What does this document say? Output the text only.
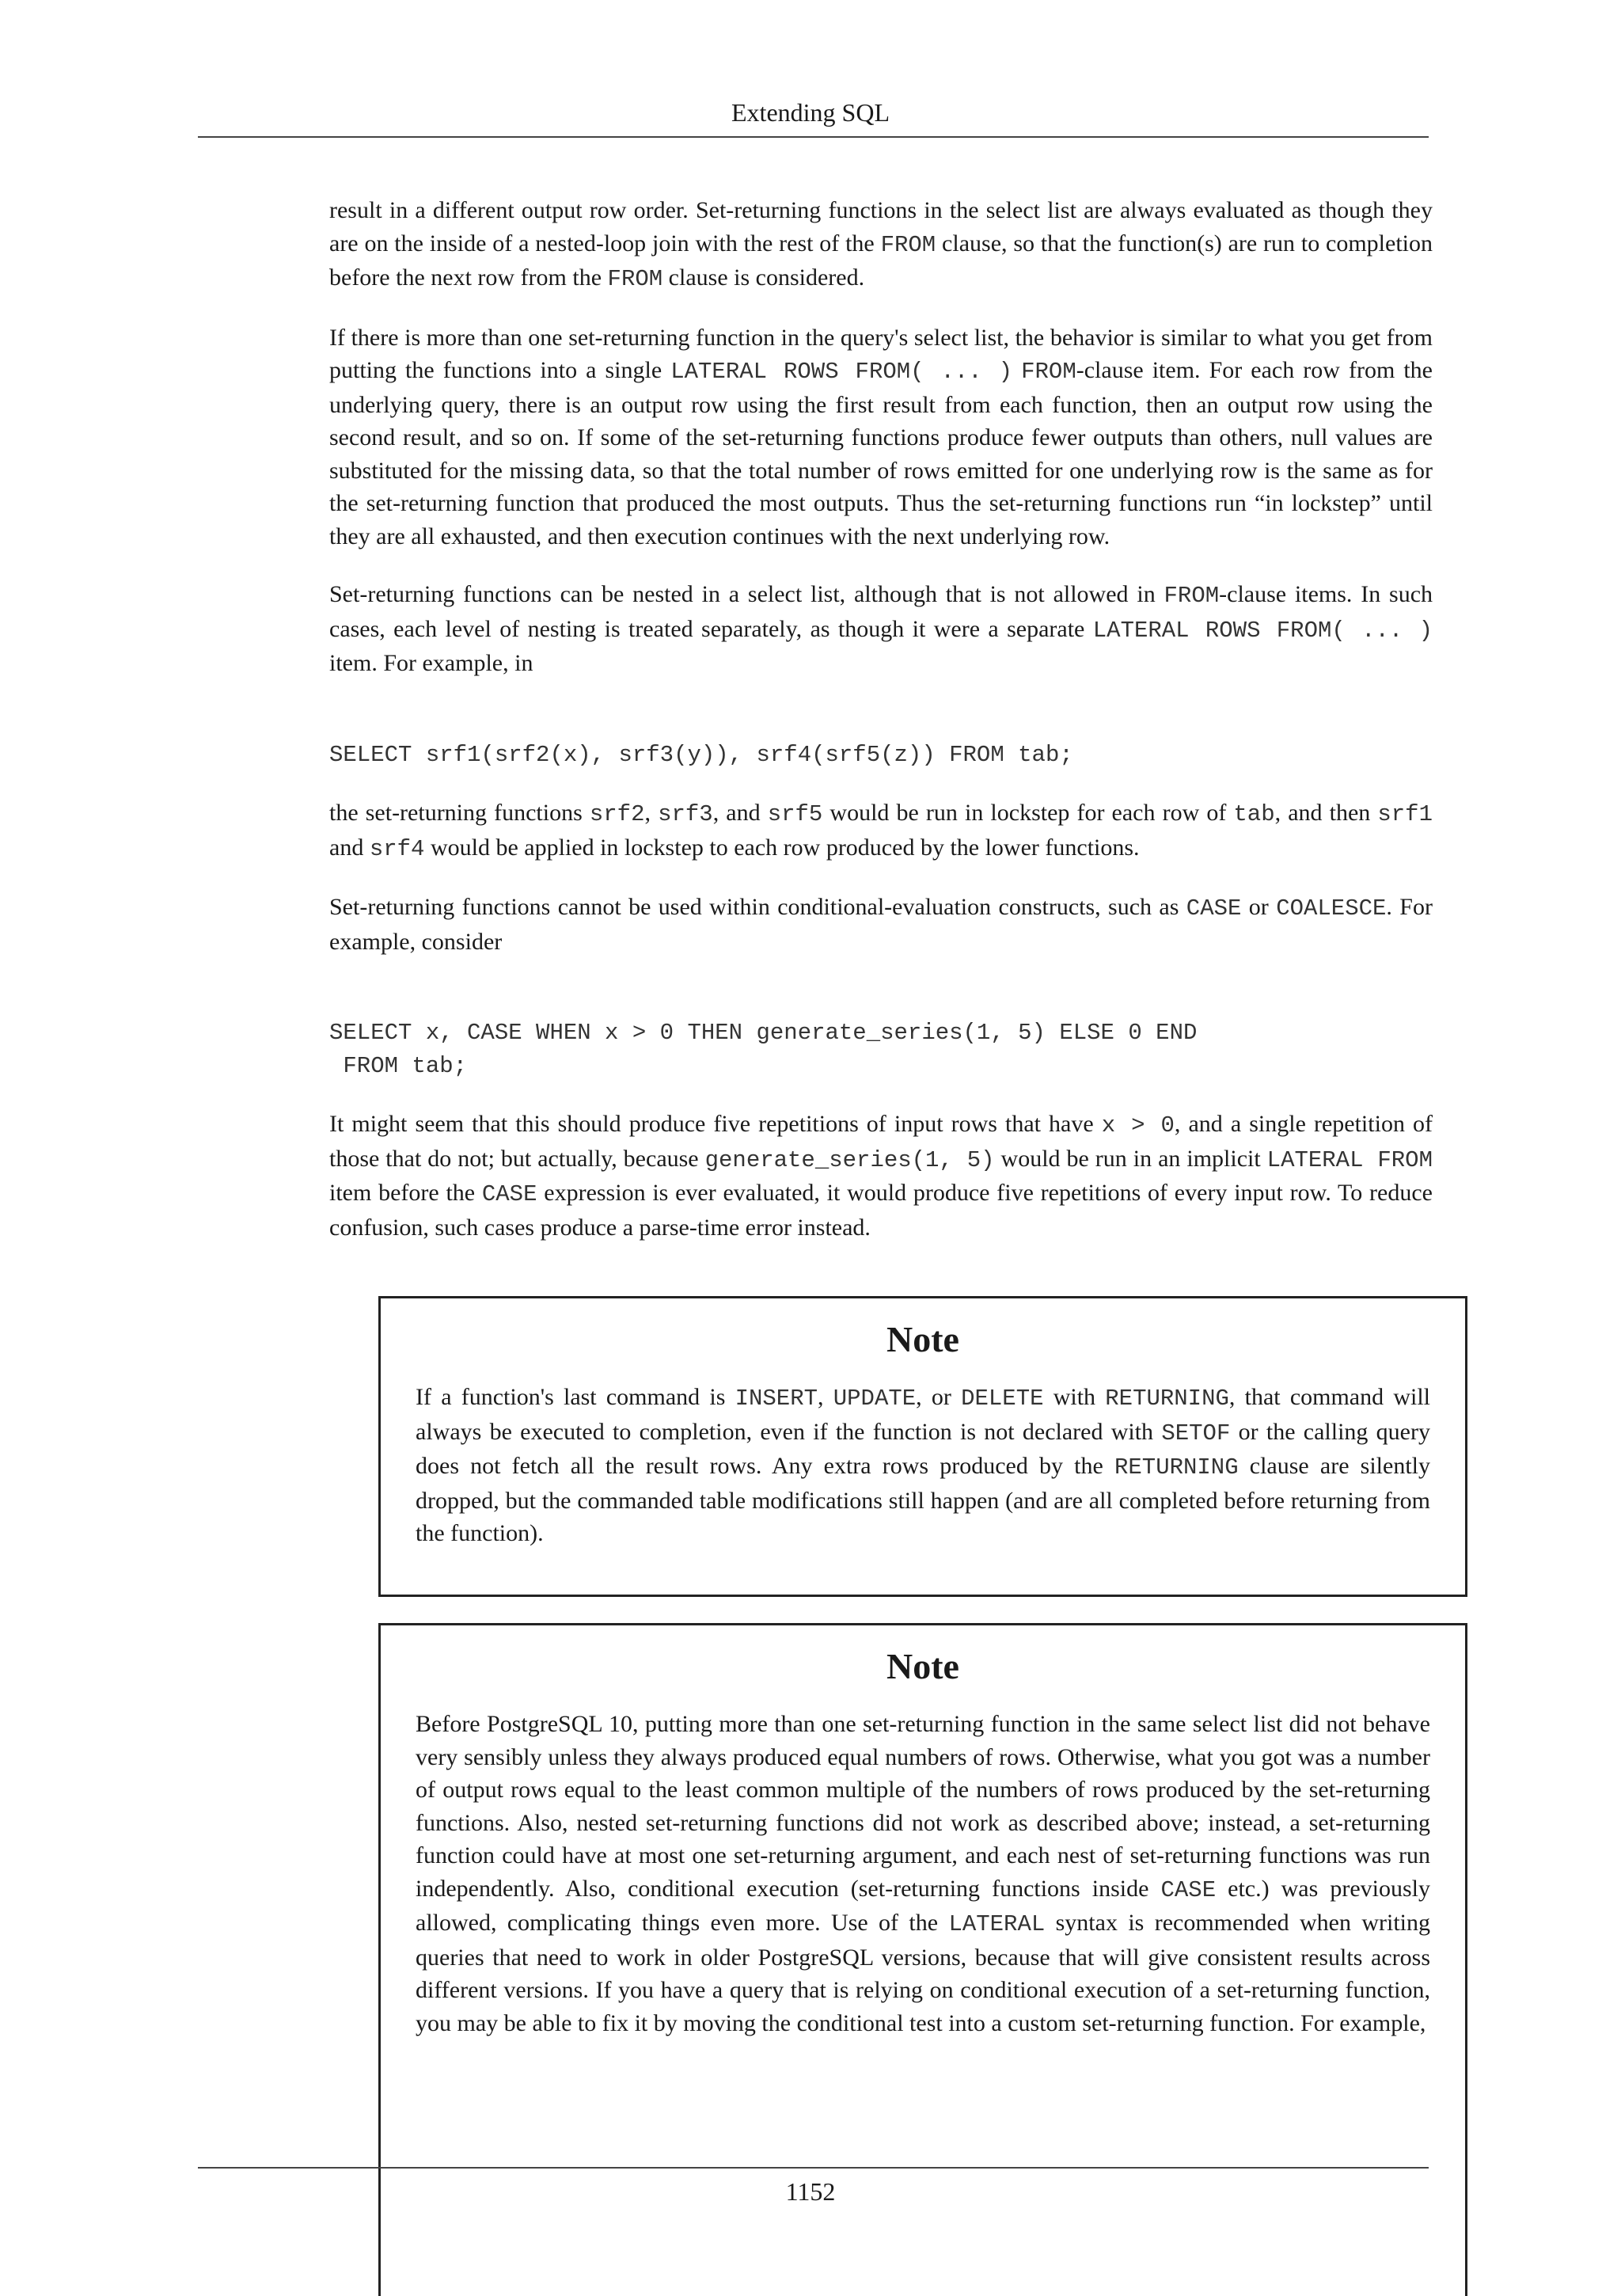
Extending SQL

result in a different output row order. Set-returning functions in the select list are always evaluated as though they are on the inside of a nested-loop join with the rest of the FROM clause, so that the function(s) are run to completion before the next row from the FROM clause is considered.

If there is more than one set-returning function in the query's select list, the behavior is similar to what you get from putting the functions into a single LATERAL ROWS FROM( ... ) FROM-clause item. For each row from the underlying query, there is an output row using the first result from each function, then an output row using the second result, and so on. If some of the set-returning functions produce fewer outputs than others, null values are substituted for the missing data, so that the total number of rows emitted for one underlying row is the same as for the set-returning function that produced the most outputs. Thus the set-returning functions run “in lockstep” until they are all exhausted, and then execution continues with the next underlying row.

Set-returning functions can be nested in a select list, although that is not allowed in FROM-clause items. In such cases, each level of nesting is treated separately, as though it were a separate LATERAL ROWS FROM( ... ) item. For example, in

SELECT srf1(srf2(x), srf3(y)), srf4(srf5(z)) FROM tab;

the set-returning functions srf2, srf3, and srf5 would be run in lockstep for each row of tab, and then srf1 and srf4 would be applied in lockstep to each row produced by the lower functions.

Set-returning functions cannot be used within conditional-evaluation constructs, such as CASE or COALESCE. For example, consider

SELECT x, CASE WHEN x > 0 THEN generate_series(1, 5) ELSE 0 END
FROM tab;

It might seem that this should produce five repetitions of input rows that have x > 0, and a single repetition of those that do not; but actually, because generate_series(1, 5) would be run in an implicit LATERAL FROM item before the CASE expression is ever evaluated, it would produce five repetitions of every input row. To reduce confusion, such cases produce a parse-time error instead.

Note
If a function's last command is INSERT, UPDATE, or DELETE with RETURNING, that command will always be executed to completion, even if the function is not declared with SETOF or the calling query does not fetch all the result rows. Any extra rows produced by the RETURNING clause are silently dropped, but the commanded table modifications still happen (and are all completed before returning from the function).
Note
Before PostgreSQL 10, putting more than one set-returning function in the same select list did not behave very sensibly unless they always produced equal numbers of rows. Otherwise, what you got was a number of output rows equal to the least common multiple of the numbers of rows produced by the set-returning functions. Also, nested set-returning functions did not work as described above; instead, a set-returning function could have at most one set-returning argument, and each nest of set-returning functions was run independently. Also, conditional execution (set-returning functions inside CASE etc.) was previously allowed, complicating things even more. Use of the LATERAL syntax is recommended when writing queries that need to work in older PostgreSQL versions, because that will give consistent results across different versions. If you have a query that is relying on conditional execution of a set-returning function, you may be able to fix it by moving the conditional test into a custom set-returning function. For example,
1152
